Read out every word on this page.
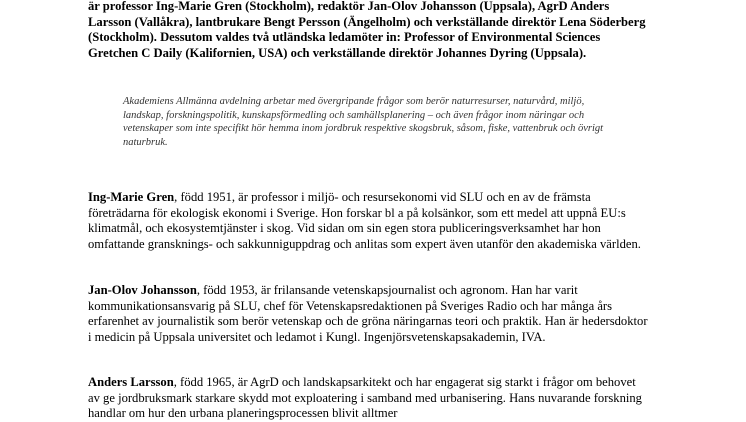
är professor Ing-Marie Gren (Stockholm), redaktör Jan-Olov Johansson (Uppsala), AgrD Anders Larsson (Vallåkra), lantbrukare Bengt Persson (Ängelholm) och verkställande direktör Lena Söderberg (Stockholm). Dessutom valdes två utländska ledamöter in: Professor of Environmental Sciences Gretchen C Daily (Kalifornien, USA) och verkställande direktör Johannes Dyring (Uppsala).

Akademiens Allmänna avdelning arbetar med övergripande frågor som berör naturresurser, naturvård, miljö, landskap, forskningspolitik, kunskapsförmedling och samhällsplanering – och även frågor inom näringar och vetenskaper som inte specifikt hör hemma inom jordbruk respektive skogsbruk, såsom, fiske, vattenbruk och övrigt naturbruk.

Ing-Marie Gren, född 1951, är professor i miljö- och resursekonomi vid SLU och en av de främsta företrädarna för ekologisk ekonomi i Sverige. Hon forskar bl a på kolsänkor, som ett medel att uppnå EU:s klimatmål, och ekosystemtjänster i skog. Vid sidan om sin egen stora publiceringsverksamhet har hon omfattande gransknings- och sakkunniguppdrag och anlitas som expert även utanför den akademiska världen.

Jan-Olov Johansson, född 1953, är frilansande vetenskapsjournalist och agronom. Han har varit kommunikationsansvarig på SLU, chef för Vetenskapsredaktionen på Sveriges Radio och har många års erfarenhet av journalistik som berör vetenskap och de gröna näringarnas teori och praktik. Han är hedersdoktor i medicin på Uppsala universitet och ledamot i Kungl. Ingenjörsvetenskapsakademin, IVA.

Anders Larsson, född 1965, är AgrD och landskapsarkitekt och har engagerat sig starkt i frågor om behovet av ge jordbruksmark starkare skydd mot exploatering i samband med urbanisering. Hans nuvarande forskning handlar om hur den urbana planeringsprocessen blivit alltmer
